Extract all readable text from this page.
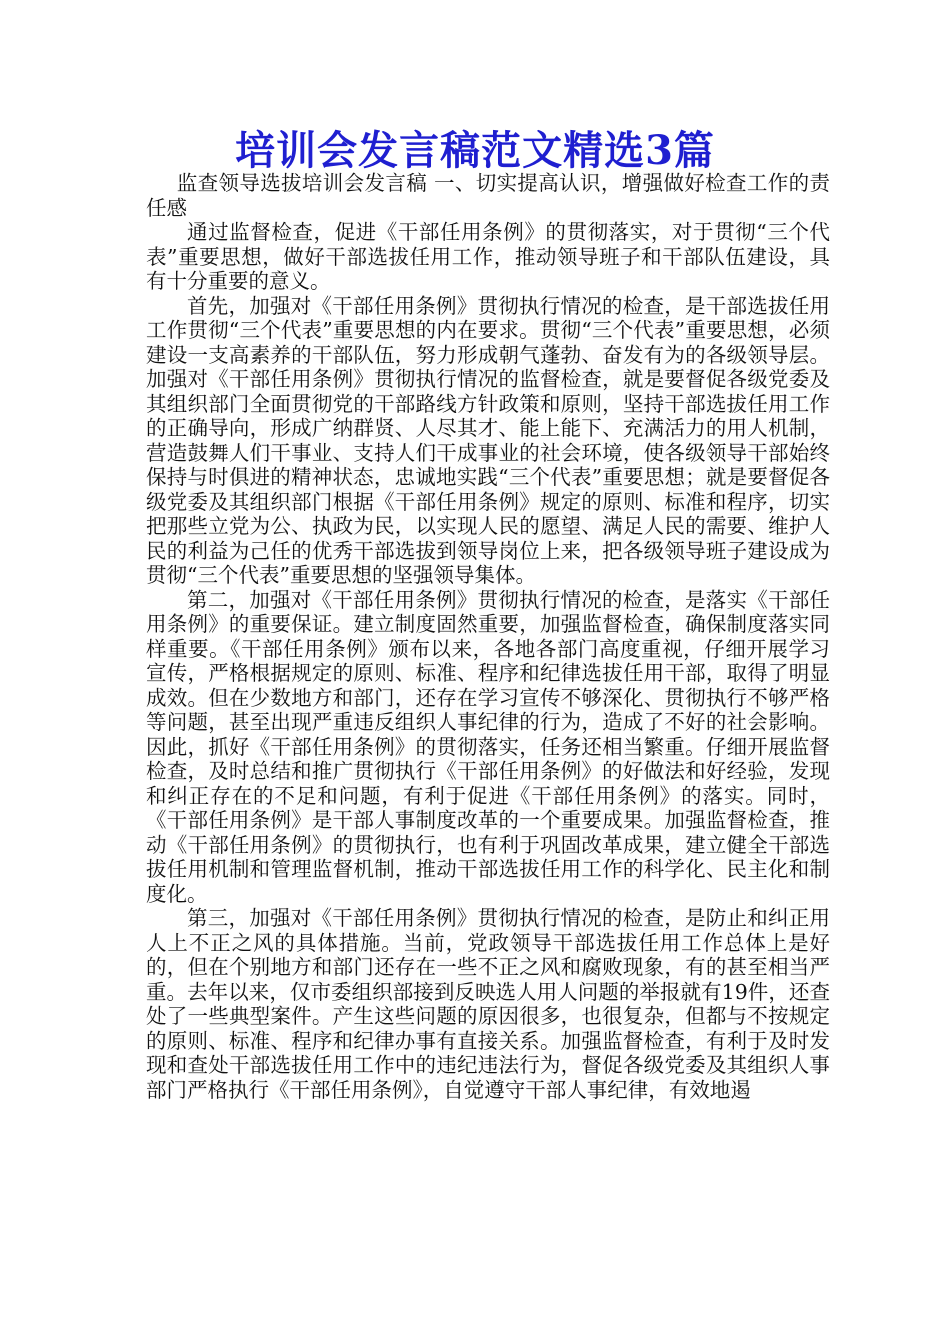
培训会发言稿范文精选3篇

监查领导选拔培训会发言稿 一、切实提高认识，增强做好检查工作的责任感

通过监督检查，促进《干部任用条例》的贯彻落实，对于贯彻“三个代表”重要思想，做好干部选拔任用工作，推动领导班子和干部队伍建设，具有十分重要的意义。

首先，加强对《干部任用条例》贯彻执行情况的检查，是干部选拔任用工作贯彻“三个代表”重要思想的内在要求。贯彻“三个代表”重要思想，必须建设一支高素养的干部队伍，努力形成朝气蓬勃、奋发有为的各级领导层。加强对《干部任用条例》贯彻执行情况的监督检查，就是要督促各级党委及其组织部门全面贯彻党的干部路线方针政策和原则，坚持干部选拔任用工作的正确导向，形成广纳群贤、人尽其才、能上能下、充满活力的用人机制，营造鼓舞人们干事业、支持人们干成事业的社会环境，使各级领导干部始终保持与时俱进的精神状态，忠诚地实践“三个代表”重要思想；就是要督促各级党委及其组织部门根据《干部任用条例》规定的原则、标准和程序，切实把那些立党为公、执政为民，以实现人民的愿望、满足人民的需要、维护人民的利益为己任的优秀干部选拔到领导岗位上来，把各级领导班子建设成为贯彻“三个代表”重要思想的坚强领导集体。

第二，加强对《干部任用条例》贯彻执行情况的检查，是落实《干部任用条例》的重要保证。建立制度固然重要，加强监督检查，确保制度落实同样重要。《干部任用条例》颁布以来，各地各部门高度重视，仔细开展学习宣传，严格根据规定的原则、标准、程序和纪律选拔任用干部，取得了明显成效。但在少数地方和部门，还存在学习宣传不够深化、贯彻执行不够严格等问题，甚至出现严重违反组织人事纪律的行为，造成了不好的社会影响。因此，抓好《干部任用条例》的贯彻落实，任务还相当繁重。仔细开展监督检查，及时总结和推广贯彻执行《干部任用条例》的好做法和好经验，发现和纠正存在的不足和问题，有利于促进《干部任用条例》的落实。同时，《干部任用条例》是干部人事制度改革的一个重要成果。加强监督检查，推动《干部任用条例》的贯彻执行，也有利于巩固改革成果，建立健全干部选拔任用机制和管理监督机制，推动干部选拔任用工作的科学化、民主化和制度化。

第三，加强对《干部任用条例》贯彻执行情况的检查，是防止和纠正用人上不正之风的具体措施。当前，党政领导干部选拔任用工作总体上是好的，但在个别地方和部门还存在一些不正之风和腐败现象，有的甚至相当严重。去年以来，仅市委组织部接到反映选人用人问题的举报就有19件，还查处了一些典型案件。产生这些问题的原因很多，也很复杂，但都与不按规定的原则、标准、程序和纪律办事有直接关系。加强监督检查，有利于及时发现和查处干部选拔任用工作中的违纪违法行为，督促各级党委及其组织人事部门严格执行《干部任用条例》，自觉遵守干部人事纪律，有效地遏
